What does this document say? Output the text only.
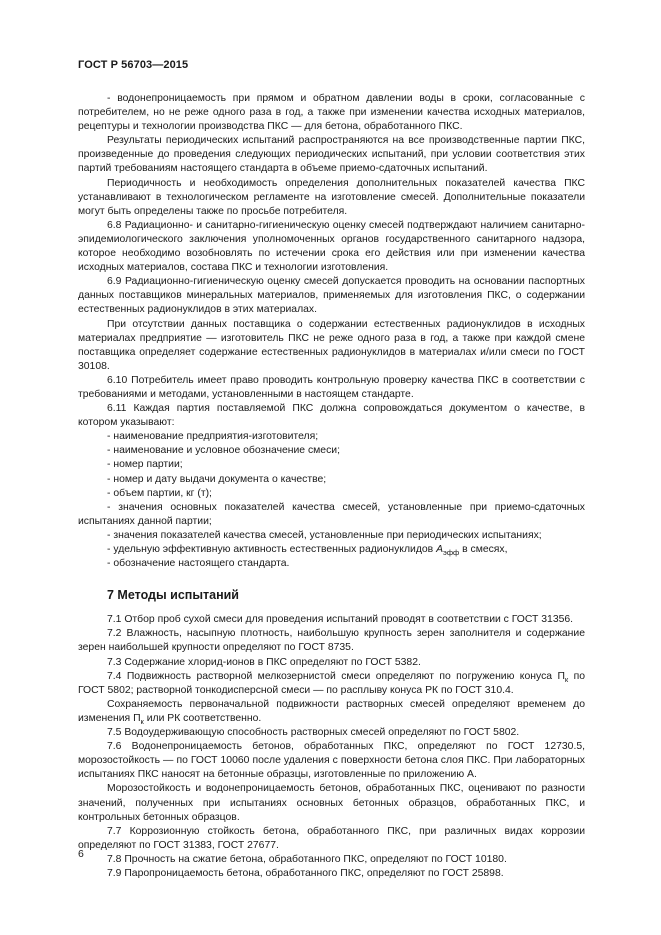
ГОСТ Р 56703—2015

- водонепроницаемость при прямом и обратном давлении воды в сроки, согласованные с потребителем, но не реже одного раза в год, а также при изменении качества исходных материалов, рецептуры и технологии производства ПКС — для бетона, обработанного ПКС.

Результаты периодических испытаний распространяются на все производственные партии ПКС, произведенные до проведения следующих периодических испытаний, при условии соответствия этих партий требованиям настоящего стандарта в объеме приемо-сдаточных испытаний.

Периодичность и необходимость определения дополнительных показателей качества ПКС устанавливают в технологическом регламенте на изготовление смесей. Дополнительные показатели могут быть определены также по просьбе потребителя.

6.8 Радиационно- и санитарно-гигиеническую оценку смесей подтверждают наличием санитарно-эпидемиологического заключения уполномоченных органов государственного санитарного надзора, которое необходимо возобновлять по истечении срока его действия или при изменении качества исходных материалов, состава ПКС и технологии изготовления.

6.9 Радиационно-гигиеническую оценку смесей допускается проводить на основании паспортных данных поставщиков минеральных материалов, применяемых для изготовления ПКС, о содержании естественных радионуклидов в этих материалах.

При отсутствии данных поставщика о содержании естественных радионуклидов в исходных материалах предприятие — изготовитель ПКС не реже одного раза в год, а также при каждой смене поставщика определяет содержание естественных радионуклидов в материалах и/или смеси по ГОСТ 30108.

6.10 Потребитель имеет право проводить контрольную проверку качества ПКС в соответствии с требованиями и методами, установленными в настоящем стандарте.

6.11 Каждая партия поставляемой ПКС должна сопровождаться документом о качестве, в котором указывают:

- наименование предприятия-изготовителя;

- наименование и условное обозначение смеси;

- номер партии;

- номер и дату выдачи документа о качестве;

- объем партии, кг (т);

- значения основных показателей качества смесей, установленные при приемо-сдаточных испытаниях данной партии;

- значения показателей качества смесей, установленные при периодических испытаниях;

- удельную эффективную активность естественных радионуклидов $A_{эфф}$ в смесях,

- обозначение настоящего стандарта.

7 Методы испытаний

7.1 Отбор проб сухой смеси для проведения испытаний проводят в соответствии с ГОСТ 31356.

7.2 Влажность, насыпную плотность, наибольшую крупность зерен заполнителя и содержание зерен наибольшей крупности определяют по ГОСТ 8735.

7.3 Содержание хлорид-ионов в ПКС определяют по ГОСТ 5382.

7.4 Подвижность растворной мелкозернистой смеси определяют по погружению конуса $П_к$ по ГОСТ 5802; растворной тонкодисперсной смеси — по расплыву конуса РК по ГОСТ 310.4.

Сохраняемость первоначальной подвижности растворных смесей определяют временем до изменения $П_к$ или РК соответственно.

7.5 Водоудерживающую способность растворных смесей определяют по ГОСТ 5802.

7.6 Водонепроницаемость бетонов, обработанных ПКС, определяют по ГОСТ 12730.5, морозостойкость — по ГОСТ 10060 после удаления с поверхности бетона слоя ПКС. При лабораторных испытаниях ПКС наносят на бетонные образцы, изготовленные по приложению А.

Морозостойкость и водонепроницаемость бетонов, обработанных ПКС, оценивают по разности значений, полученных при испытаниях основных бетонных образцов, обработанных ПКС, и контрольных бетонных образцов.

7.7 Коррозионную стойкость бетона, обработанного ПКС, при различных видах коррозии определяют по ГОСТ 31383, ГОСТ 27677.

7.8 Прочность на сжатие бетона, обработанного ПКС, определяют по ГОСТ 10180.

7.9 Паропроницаемость бетона, обработанного ПКС, определяют по ГОСТ 25898.

6
